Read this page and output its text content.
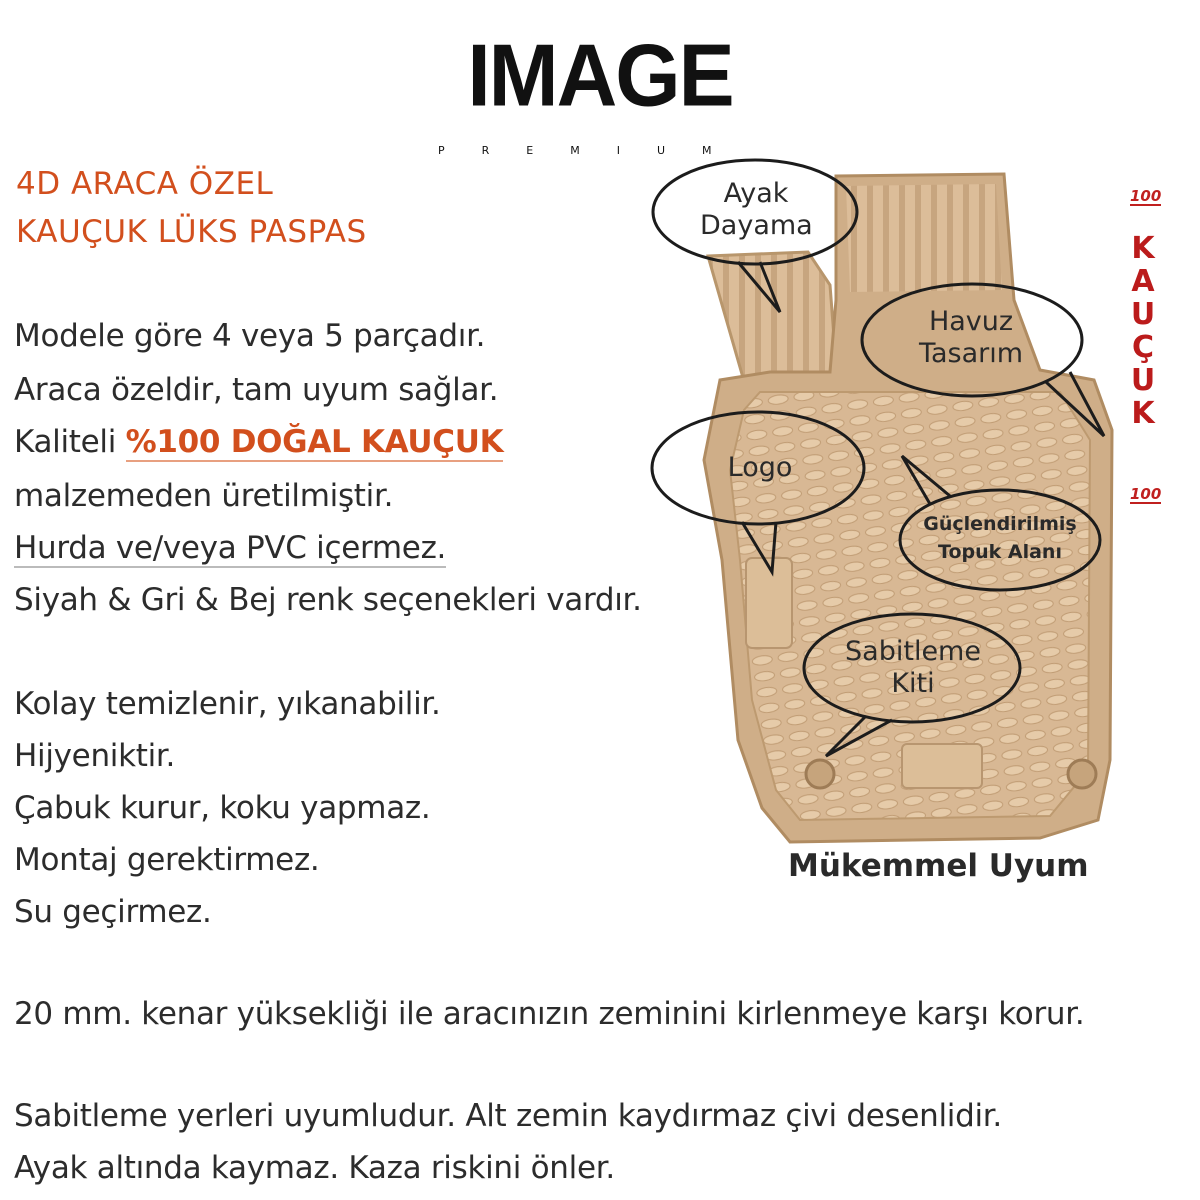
IMAGE
PREMIUM
4D ARACA ÖZEL
KAUÇUK LÜKS PASPAS
Modele göre 4 veya 5 parçadır.
Araca özeldir, tam uyum sağlar.
Kaliteli %100 DOĞAL KAUÇUK
malzemeden üretilmiştir.
Hurda ve/veya PVC içermez.
Siyah & Gri & Bej renk seçenekleri vardır.
Kolay temizlenir, yıkanabilir.
Hijyeniktir.
Çabuk kurur, koku yapmaz.
Montaj gerektirmez.
Su geçirmez.
20 mm. kenar yüksekliği ile aracınızın zeminini kirlenmeye karşı korur.
Sabitleme yerleri uyumludur. Alt zemin kaydırmaz çivi desenlidir.
Ayak altında kaymaz. Kaza riskini önler.
Ayak
Dayama
Havuz
Tasarım
Logo
Güçlendirilmiş
Topuk Alanı
Sabitleme
Kiti
Mükemmel Uyum
100
K
A
U
Ç
U
K
100
